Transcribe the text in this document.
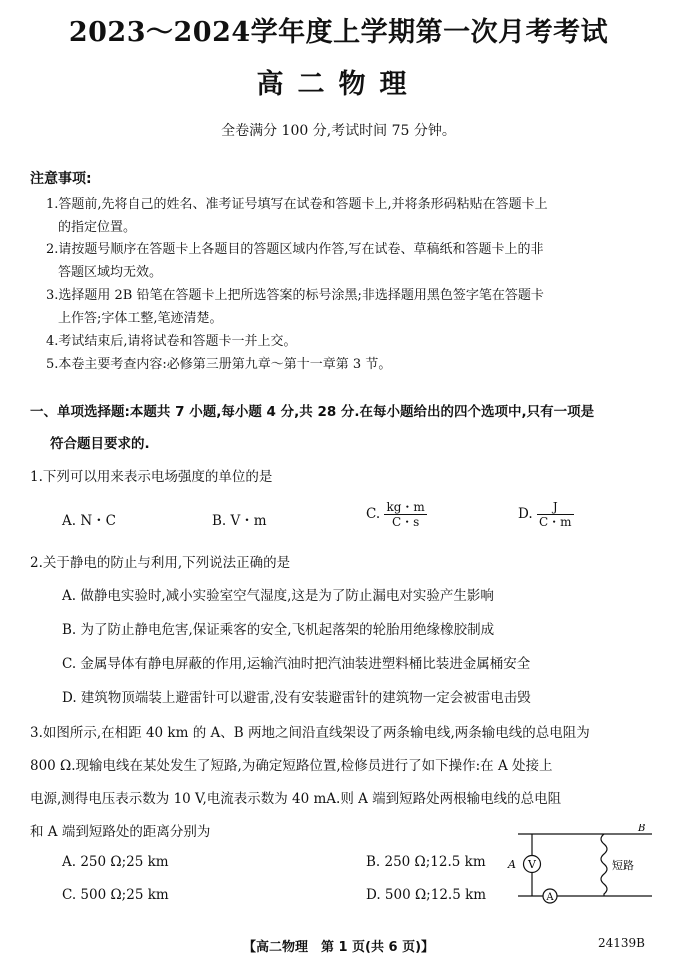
2023～2024学年度上学期第一次月考考试
高二物理
全卷满分 100 分,考试时间 75 分钟。
注意事项:
1.答题前,先将自己的姓名、准考证号填写在试卷和答题卡上,并将条形码粘贴在答题卡上
的指定位置。
2.请按题号顺序在答题卡上各题目的答题区域内作答,写在试卷、草稿纸和答题卡上的非
答题区域均无效。
3.选择题用 2B 铅笔在答题卡上把所选答案的标号涂黑;非选择题用黑色签字笔在答题卡
上作答;字体工整,笔迹清楚。
4.考试结束后,请将试卷和答题卡一并上交。
5.本卷主要考查内容:必修第三册第九章～第十一章第 3 节。
一、单项选择题:本题共 7 小题,每小题 4 分,共 28 分.在每小题给出的四个选项中,只有一项是
符合题目要求的.
1.下列可以用来表示电场强度的单位的是
A. N・C	B. V・m	C. $\frac{kg・m}{C・s}$	D. $\frac{J}{C・m}$
2.关于静电的防止与利用,下列说法正确的是
A. 做静电实验时,减小实验室空气湿度,这是为了防止漏电对实验产生影响
B. 为了防止静电危害,保证乘客的安全,飞机起落架的轮胎用绝缘橡胶制成
C. 金属导体有静电屏蔽的作用,运输汽油时把汽油装进塑料桶比装进金属桶安全
D. 建筑物顶端装上避雷针可以避雷,没有安装避雷针的建筑物一定会被雷电击毁
3.如图所示,在相距 40 km 的 A、B 两地之间沿直线架设了两条输电线,两条输电线的总电阻为
800 Ω.现输电线在某处发生了短路,为确定短路位置,检修员进行了如下操作:在 A 处接上
电源,测得电压表示数为 10 V,电流表示数为 40 mA.则 A 端到短路处两根输电线的总电阻
和 A 端到短路处的距离分别为
A. 250 Ω;25 km	B. 250 Ω;12.5 km
C. 500 Ω;25 km	D. 500 Ω;12.5 km
V
A
A
B
短路
【高二物理　第 1 页(共 6 页)】	24139B
